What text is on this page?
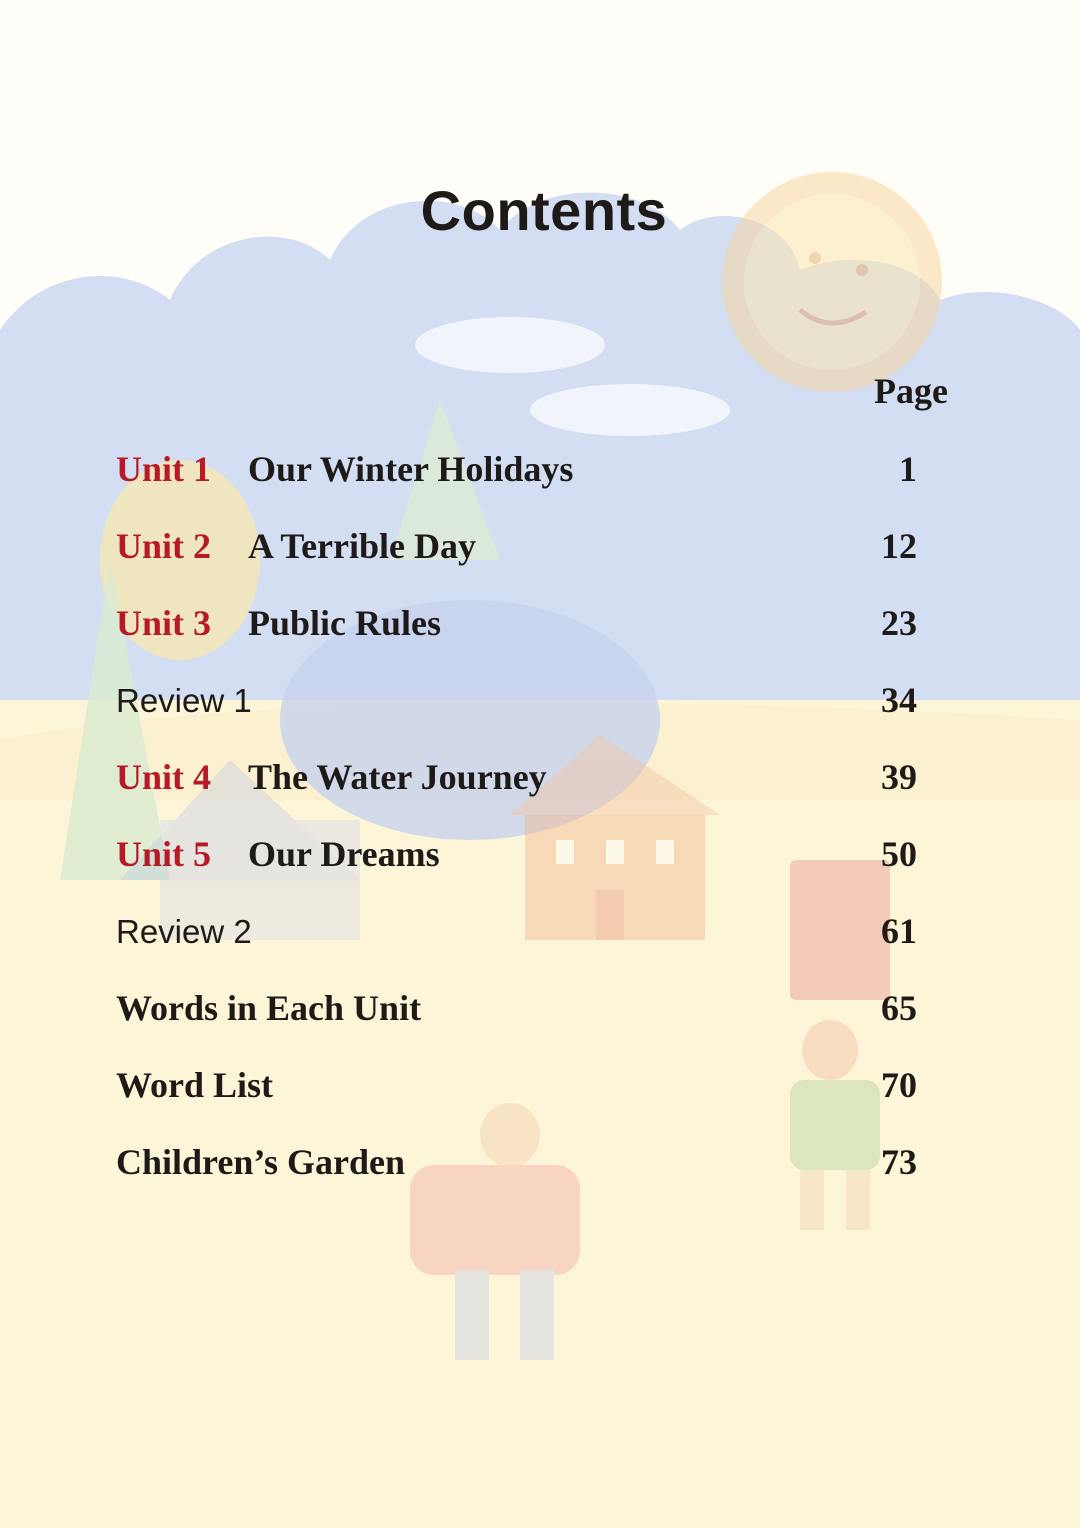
Contents
Page
Unit 1 Our Winter Holidays	1
Unit 2 A Terrible Day	12
Unit 3 Public Rules	23
Review 1	34
Unit 4 The Water Journey	39
Unit 5 Our Dreams	50
Review 2	61
Words in Each Unit	65
Word List	70
Children’s Garden	73
